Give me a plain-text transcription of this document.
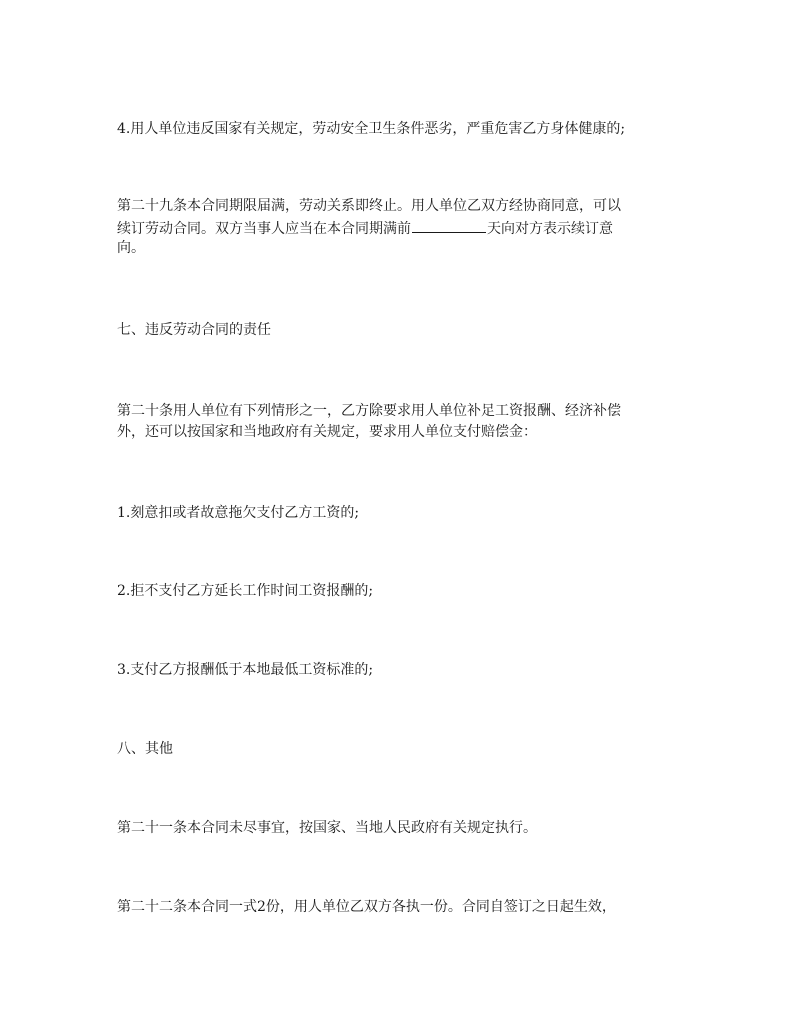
4.用人单位违反国家有关规定，劳动安全卫生条件恶劣，严重危害乙方身体健康的;

第二十九条本合同期限届满，劳动关系即终止。用人单位乙双方经协商同意，可以
续订劳动合同。双方当事人应当在本合同期满前	天向对方表示续订意
向。

七、违反劳动合同的责任

第二十条用人单位有下列情形之一，乙方除要求用人单位补足工资报酬、经济补偿
外，还可以按国家和当地政府有关规定，要求用人单位支付赔偿金：

1.刻意扣或者故意拖欠支付乙方工资的;

2.拒不支付乙方延长工作时间工资报酬的;

3.支付乙方报酬低于本地最低工资标准的;

八、其他

第二十一条本合同未尽事宜，按国家、当地人民政府有关规定执行。

第二十二条本合同一式2份，用人单位乙双方各执一份。合同自签订之日起生效，
